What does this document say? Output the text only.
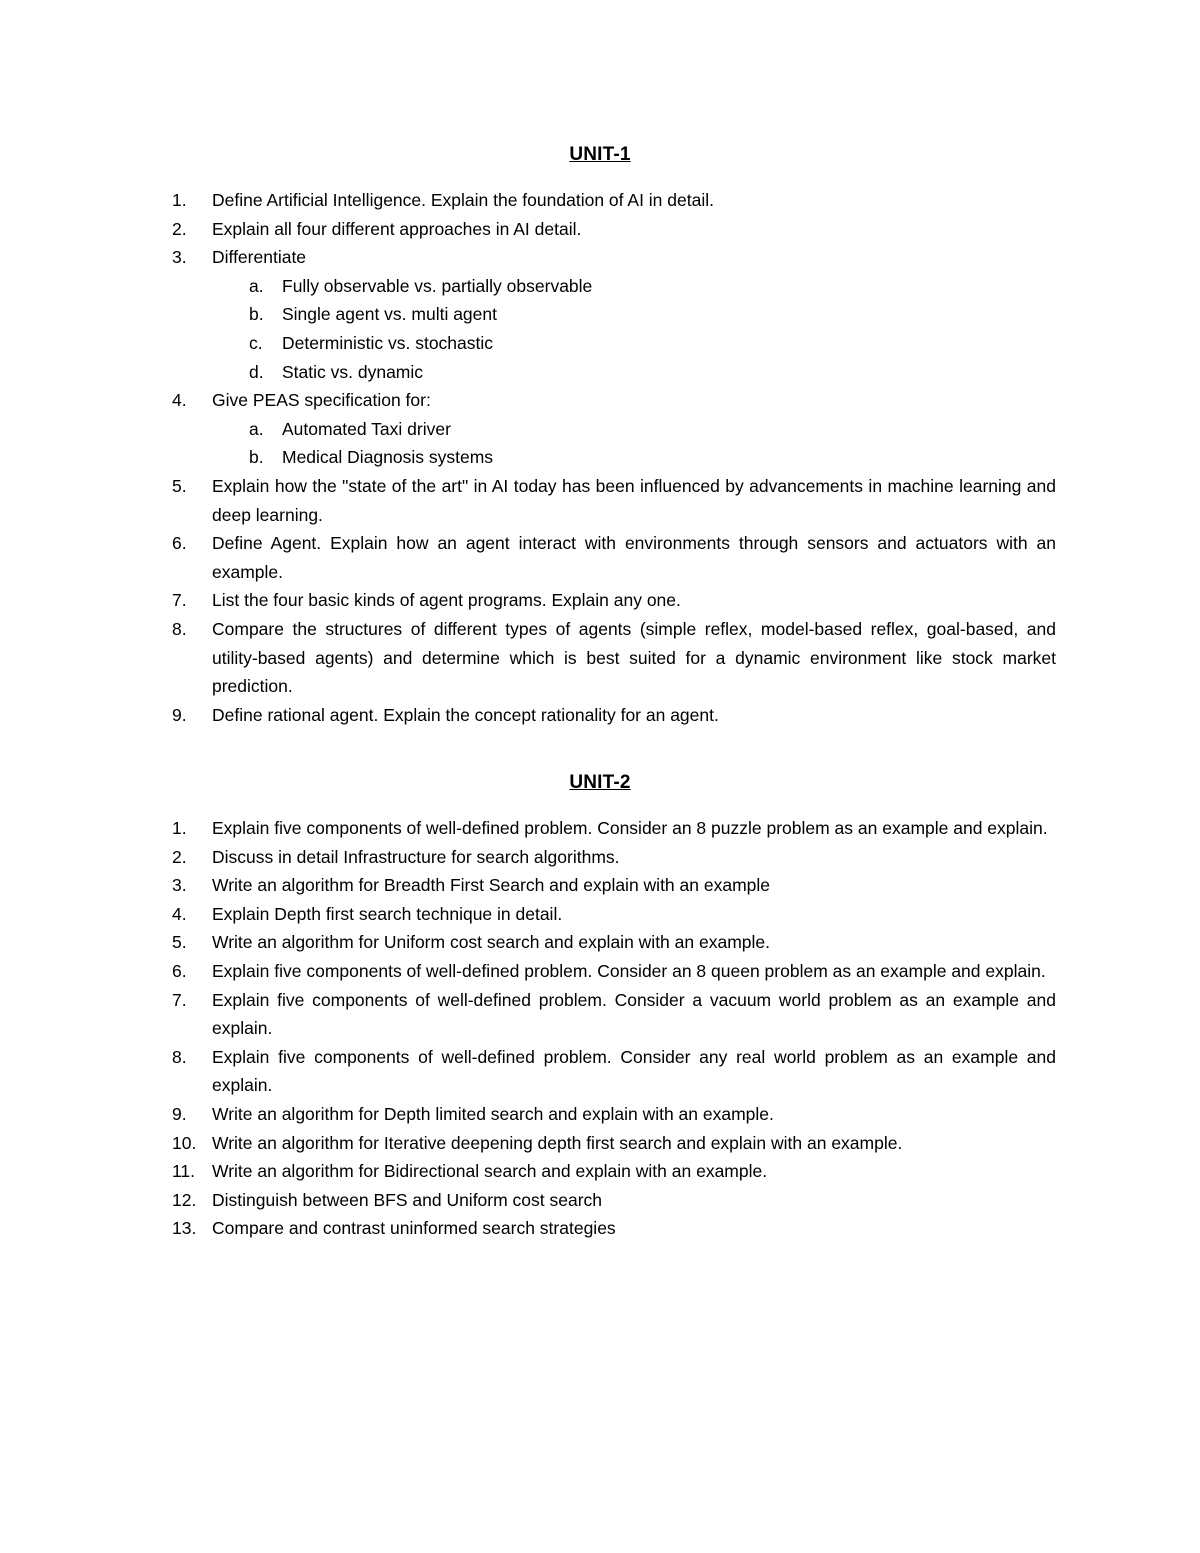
UNIT-1
1. Define Artificial Intelligence. Explain the foundation of AI in detail.
2. Explain all four different approaches in AI detail.
3. Differentiate
a. Fully observable vs. partially observable
b. Single agent vs. multi agent
c. Deterministic vs. stochastic
d. Static vs. dynamic
4. Give PEAS specification for:
a. Automated Taxi driver
b. Medical Diagnosis systems
5. Explain how the "state of the art" in AI today has been influenced by advancements in machine learning and deep learning.
6. Define Agent. Explain how an agent interact with environments through sensors and actuators with an example.
7. List the four basic kinds of agent programs. Explain any one.
8. Compare the structures of different types of agents (simple reflex, model-based reflex, goal-based, and utility-based agents) and determine which is best suited for a dynamic environment like stock market prediction.
9. Define rational agent. Explain the concept rationality for an agent.
UNIT-2
1. Explain five components of well-defined problem. Consider an 8 puzzle problem as an example and explain.
2. Discuss in detail Infrastructure for search algorithms.
3. Write an algorithm for Breadth First Search and explain with an example
4. Explain Depth first search technique in detail.
5. Write an algorithm for Uniform cost search and explain with an example.
6. Explain five components of well-defined problem. Consider an 8 queen problem as an example and explain.
7. Explain five components of well-defined problem. Consider a vacuum world problem as an example and explain.
8. Explain five components of well-defined problem. Consider any real world problem as an example and explain.
9. Write an algorithm for Depth limited search and explain with an example.
10. Write an algorithm for Iterative deepening depth first search and explain with an example.
11. Write an algorithm for Bidirectional search and explain with an example.
12. Distinguish between BFS and Uniform cost search
13. Compare and contrast uninformed search strategies
